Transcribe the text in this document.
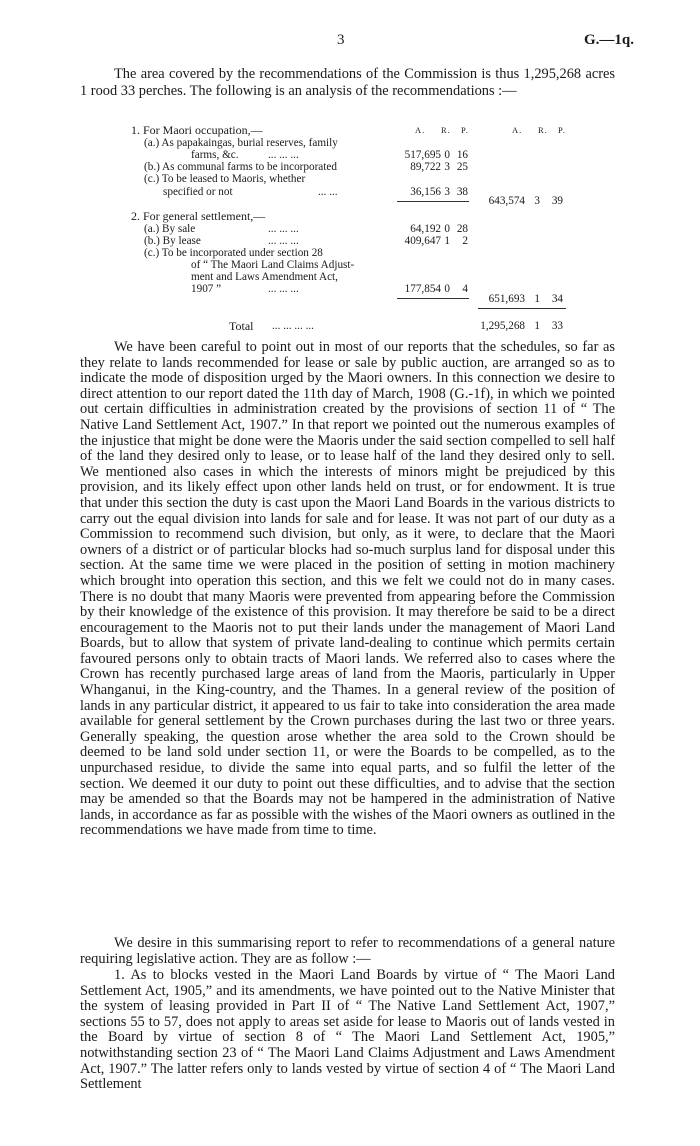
3	G.—1q.

The area covered by the recommendations of the Commission is thus 1,295,268 acres 1 rood 33 perches. The following is an analysis of the recommendations :—

A. R. P.	A. R. P.
1. For Maori occupation,—
(a.) As papakaingas, burial reserves, family
farms, &c.	... ... ...	517,695 0 16
(b.) As communal farms to be incorporated	89,722 3 25
(c.) To be leased to Maoris, whether
specified or not	... ...	36,156 3 38
643,574 3	39
2. For general settlement,—
(a.) By sale	... ... ...	64,192 0 28
(b.) By lease	... ... ...	409,647 1	2
(c.) To be incorporated under section 28
of “ The Maori Land Claims Adjust-
ment and Laws Amendment Act,
1907 ”	... ... ...	177,854 0	4
651,693 1	34
Total ... ... ... ...	1,295,268 1	33

We have been careful to point out in most of our reports that the schedules, so far as they relate to lands recommended for lease or sale by public auction, are arranged so as to indicate the mode of disposition urged by the Maori owners. In this connection we desire to direct attention to our report dated the 11th day of March, 1908 (G.-1f), in which we pointed out certain difficulties in administration created by the provisions of section 11 of “ The Native Land Settlement Act, 1907.” In that report we pointed out the numerous examples of the injustice that might be done were the Maoris under the said section compelled to sell half of the land they desired only to lease, or to lease half of the land they desired only to sell. We mentioned also cases in which the interests of minors might be prejudiced by this provision, and its likely effect upon other lands held on trust, or for endowment. It is true that under this section the duty is cast upon the Maori Land Boards in the various districts to carry out the equal division into lands for sale and for lease. It was not part of our duty as a Commission to recommend such division, but only, as it were, to declare that the Maori owners of a district or of particular blocks had so-much surplus land for disposal under this section. At the same time we were placed in the position of setting in motion machinery which brought into operation this section, and this we felt we could not do in many cases. There is no doubt that many Maoris were prevented from appearing before the Commission by their knowledge of the existence of this provision. It may therefore be said to be a direct encouragement to the Maoris not to put their lands under the management of Maori Land Boards, but to allow that system of private land-dealing to continue which permits certain favoured persons only to obtain tracts of Maori lands. We referred also to cases where the Crown has recently purchased large areas of land from the Maoris, particularly in Upper Whanganui, in the King-country, and the Thames. In a general review of the position of lands in any particular district, it appeared to us fair to take into consideration the area made available for general settlement by the Crown purchases during the last two or three years. Generally speaking, the question arose whether the area sold to the Crown should be deemed to be land sold under section 11, or were the Boards to be compelled, as to the unpurchased residue, to divide the same into equal parts, and so fulfil the letter of the section. We deemed it our duty to point out these difficulties, and to advise that the section may be amended so that the Boards may not be hampered in the administration of Native lands, in accordance as far as possible with the wishes of the Maori owners as outlined in the recommendations we have made from time to time.

We desire in this summarising report to refer to recommendations of a general nature requiring legislative action. They are as follow :—

1. As to blocks vested in the Maori Land Boards by virtue of “ The Maori Land Settlement Act, 1905,” and its amendments, we have pointed out to the Native Minister that the system of leasing provided in Part II of “ The Native Land Settlement Act, 1907,” sections 55 to 57, does not apply to areas set aside for lease to Maoris out of lands vested in the Board by virtue of section 8 of “ The Maori Land Settlement Act, 1905,” notwithstanding section 23 of “ The Maori Land Claims Adjustment and Laws Amendment Act, 1907.” The latter refers only to lands vested by virtue of section 4 of “ The Maori Land Settlement
